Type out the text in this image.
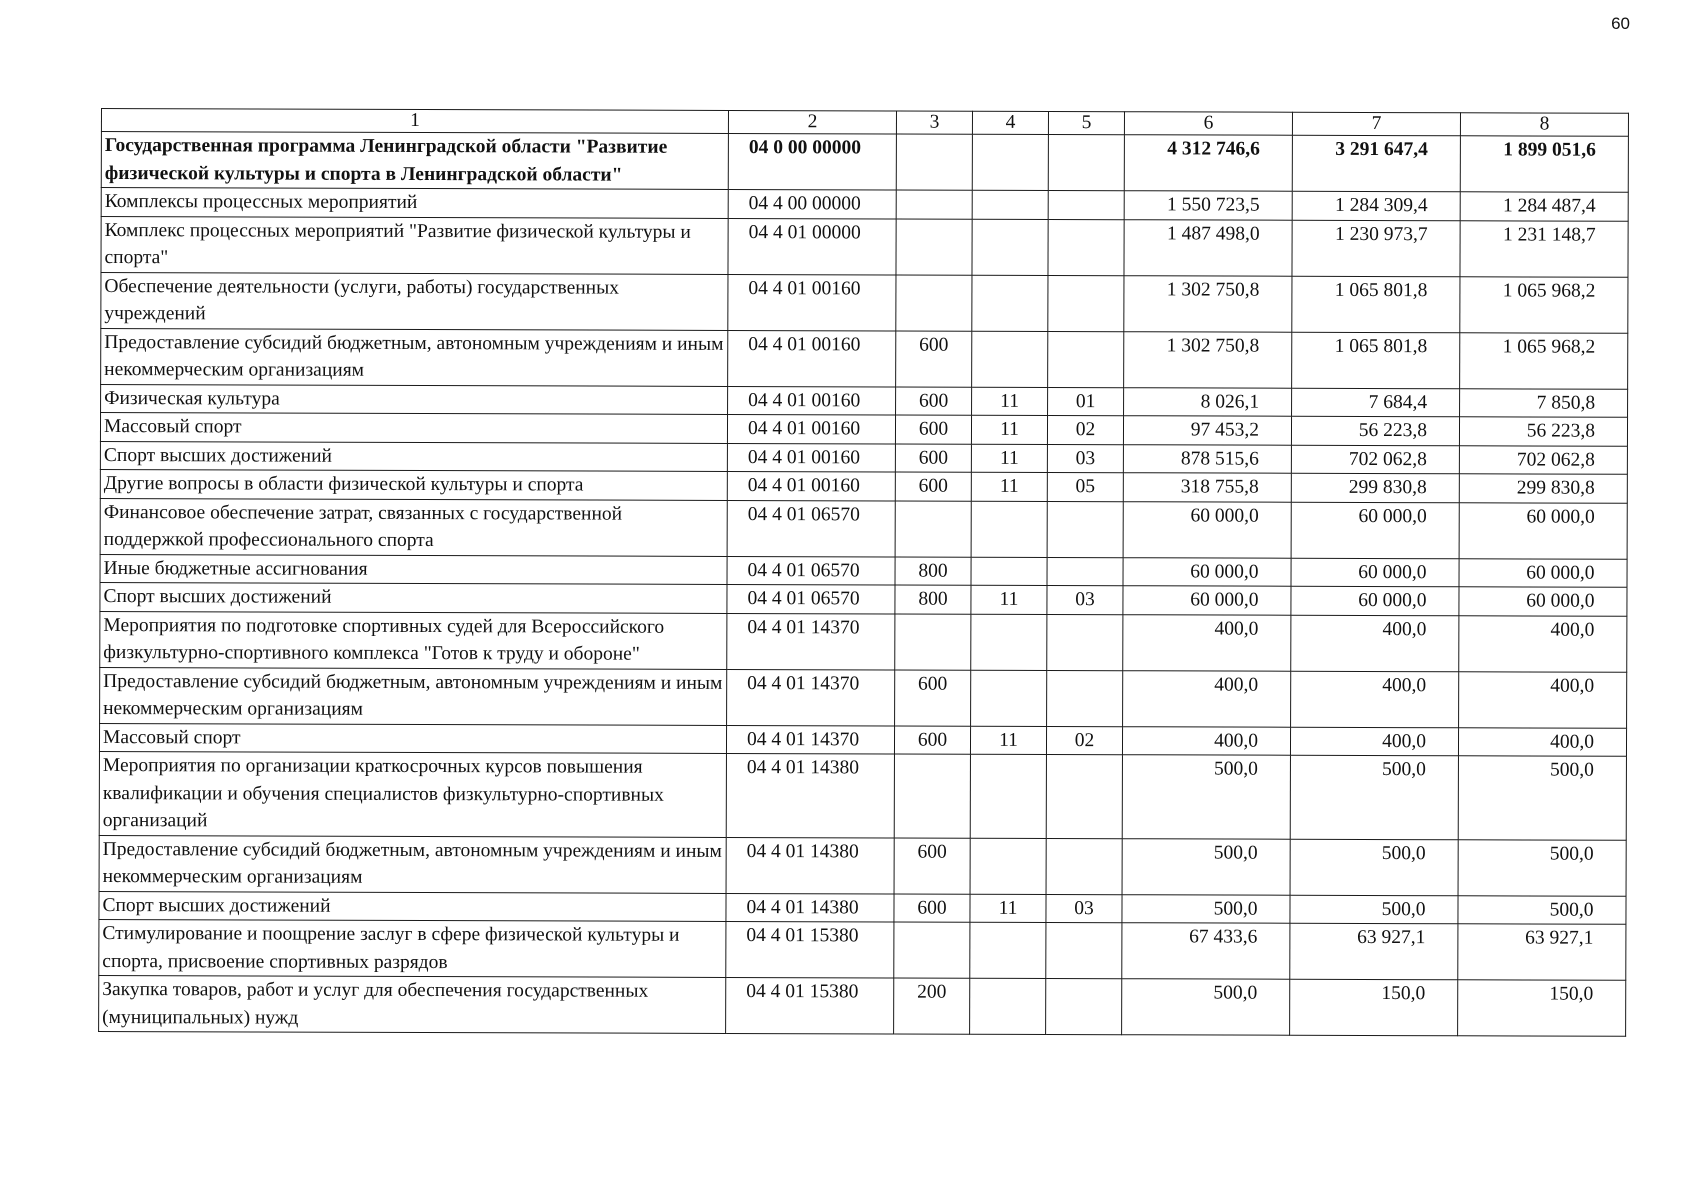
60
1	2	3	4	5	6	7	8
Государственная программа Ленинградской области "Развитие физической культуры и спорта в Ленинградской области"	04 0 00 00000				4 312 746,6	3 291 647,4	1 899 051,6
Комплексы процессных мероприятий	04 4 00 00000				1 550 723,5	1 284 309,4	1 284 487,4
Комплекс процессных мероприятий "Развитие физической культуры и спорта"	04 4 01 00000				1 487 498,0	1 230 973,7	1 231 148,7
Обеспечение деятельности (услуги, работы) государственных учреждений	04 4 01 00160				1 302 750,8	1 065 801,8	1 065 968,2
Предоставление субсидий бюджетным, автономным учреждениям и иным некоммерческим организациям	04 4 01 00160	600			1 302 750,8	1 065 801,8	1 065 968,2
Физическая культура	04 4 01 00160	600	11	01	8 026,1	7 684,4	7 850,8
Массовый спорт	04 4 01 00160	600	11	02	97 453,2	56 223,8	56 223,8
Спорт высших достижений	04 4 01 00160	600	11	03	878 515,6	702 062,8	702 062,8
Другие вопросы в области физической культуры и спорта	04 4 01 00160	600	11	05	318 755,8	299 830,8	299 830,8
Финансовое обеспечение затрат, связанных с государственной поддержкой профессионального спорта	04 4 01 06570				60 000,0	60 000,0	60 000,0
Иные бюджетные ассигнования	04 4 01 06570	800			60 000,0	60 000,0	60 000,0
Спорт высших достижений	04 4 01 06570	800	11	03	60 000,0	60 000,0	60 000,0
Мероприятия по подготовке спортивных судей для Всероссийского физкультурно-спортивного комплекса "Готов к труду и обороне"	04 4 01 14370				400,0	400,0	400,0
Предоставление субсидий бюджетным, автономным учреждениям и иным некоммерческим организациям	04 4 01 14370	600			400,0	400,0	400,0
Массовый спорт	04 4 01 14370	600	11	02	400,0	400,0	400,0
Мероприятия по организации краткосрочных курсов повышения квалификации и обучения специалистов физкультурно-спортивных организаций	04 4 01 14380				500,0	500,0	500,0
Предоставление субсидий бюджетным, автономным учреждениям и иным некоммерческим организациям	04 4 01 14380	600			500,0	500,0	500,0
Спорт высших достижений	04 4 01 14380	600	11	03	500,0	500,0	500,0
Стимулирование и поощрение заслуг в сфере физической культуры и спорта, присвоение спортивных разрядов	04 4 01 15380				67 433,6	63 927,1	63 927,1
Закупка товаров, работ и услуг для обеспечения государственных (муниципальных) нужд	04 4 01 15380	200			500,0	150,0	150,0
